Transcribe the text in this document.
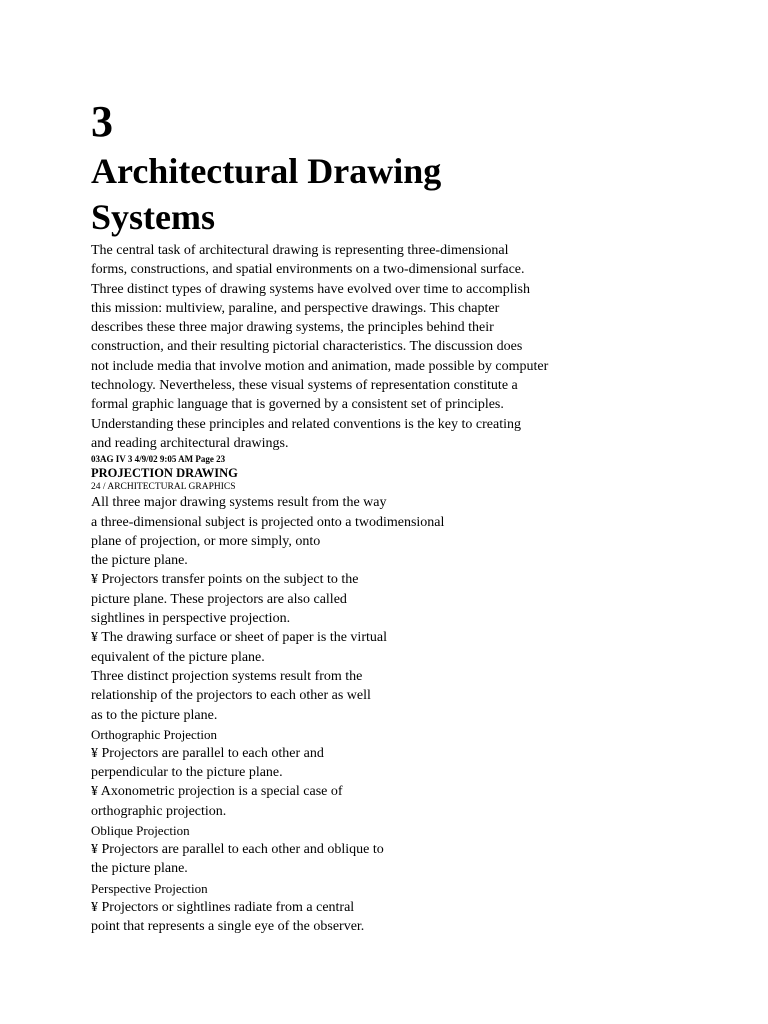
3
Architectural Drawing
Systems
The central task of architectural drawing is representing three-dimensional
forms, constructions, and spatial environments on a two-dimensional surface.
Three distinct types of drawing systems have evolved over time to accomplish
this mission: multiview, paraline, and perspective drawings. This chapter
describes these three major drawing systems, the principles behind their
construction, and their resulting pictorial characteristics. The discussion does
not include media that involve motion and animation, made possible by computer
technology. Nevertheless, these visual systems of representation constitute a
formal graphic language that is governed by a consistent set of principles.
Understanding these principles and related conventions is the key to creating
and reading architectural drawings.
03AG IV 3 4/9/02 9:05 AM Page 23
PROJECTION DRAWING
24 / ARCHITECTURAL GRAPHICS
All three major drawing systems result from the way
a three-dimensional subject is projected onto a twodimensional
plane of projection, or more simply, onto
the picture plane.
¥ Projectors transfer points on the subject to the
picture plane. These projectors are also called
sightlines in perspective projection.
¥ The drawing surface or sheet of paper is the virtual
equivalent of the picture plane.
Three distinct projection systems result from the
relationship of the projectors to each other as well
as to the picture plane.
Orthographic Projection
¥ Projectors are parallel to each other and
perpendicular to the picture plane.
¥ Axonometric projection is a special case of
orthographic projection.
Oblique Projection
¥ Projectors are parallel to each other and oblique to
the picture plane.
Perspective Projection
¥ Projectors or sightlines radiate from a central
point that represents a single eye of the observer.
